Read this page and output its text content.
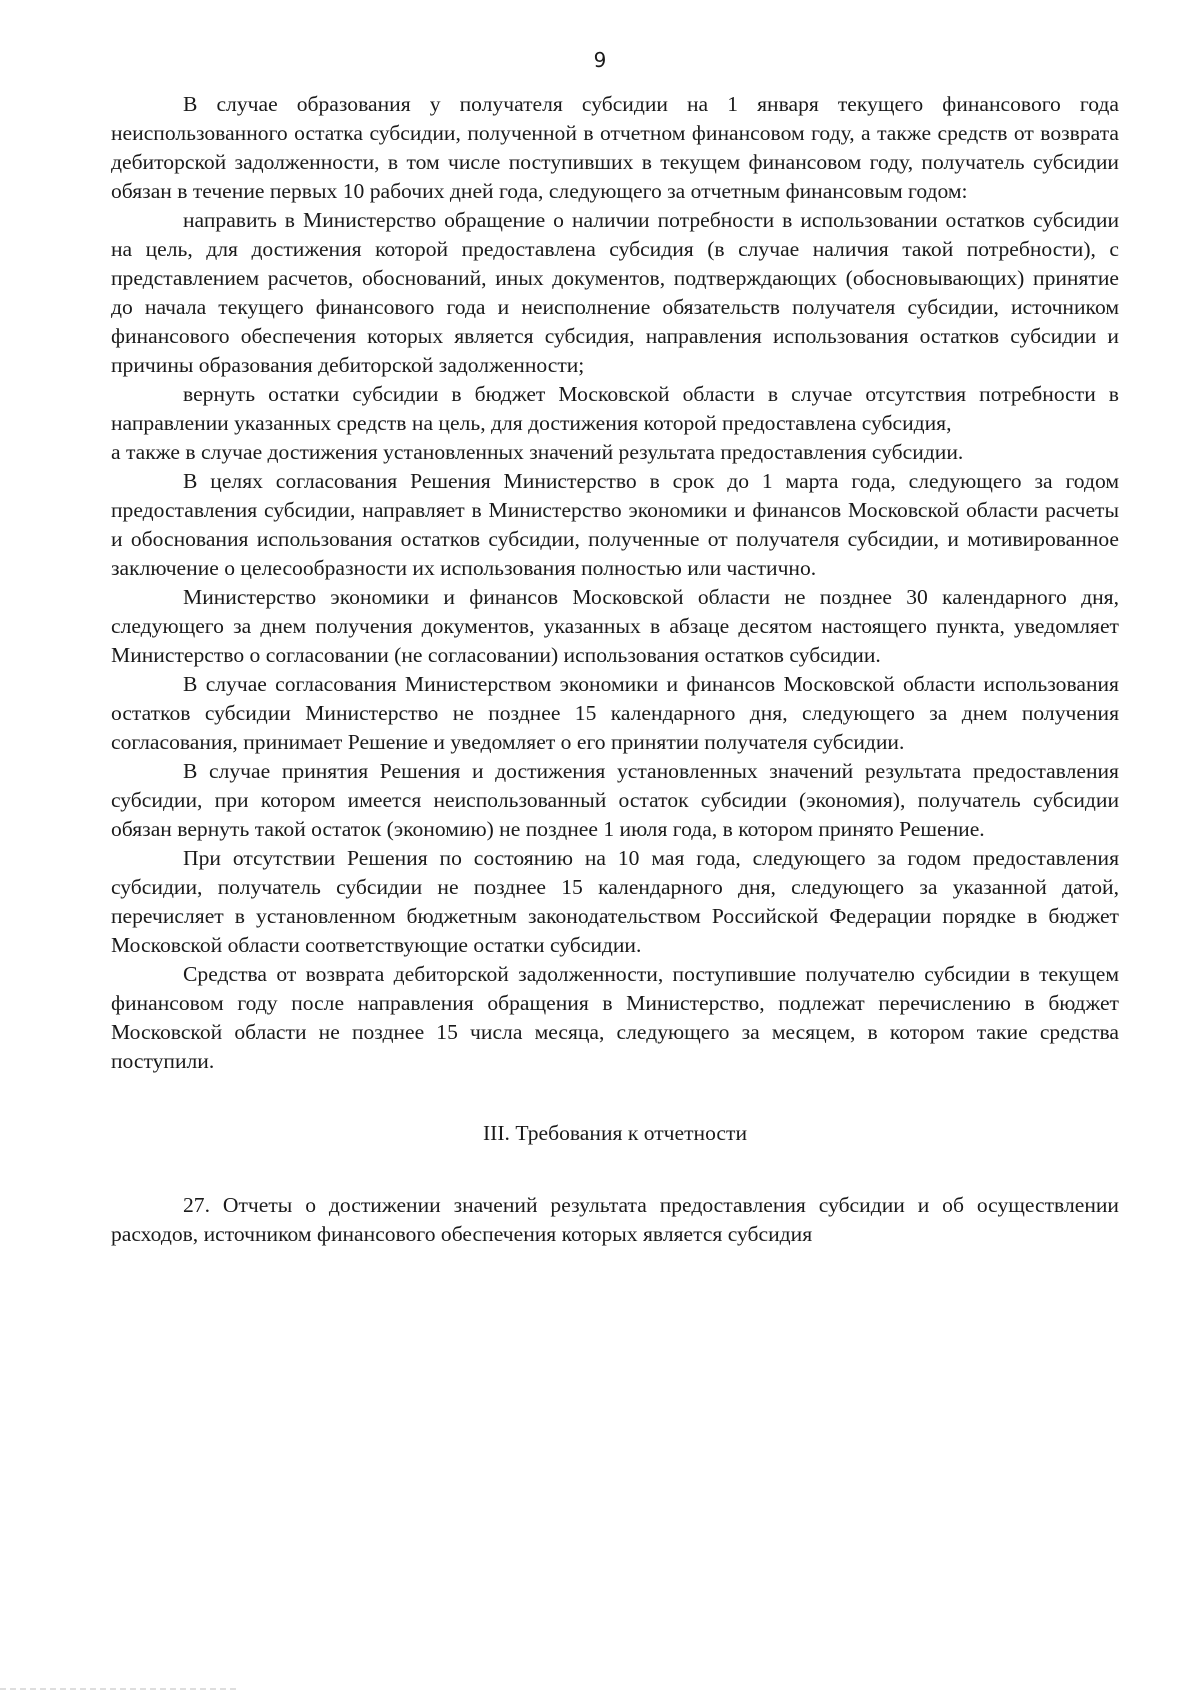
9

В случае образования у получателя субсидии на 1 января текущего финансового года неиспользованного остатка субсидии, полученной в отчетном финансовом году, а также средств от возврата дебиторской задолженности, в том числе поступивших в текущем финансовом году, получатель субсидии обязан в течение первых 10 рабочих дней года, следующего за отчетным финансовым годом:

направить в Министерство обращение о наличии потребности в использовании остатков субсидии на цель, для достижения которой предоставлена субсидия (в случае наличия такой потребности), с представлением расчетов, обоснований, иных документов, подтверждающих (обосновывающих) принятие до начала текущего финансового года и неисполнение обязательств получателя субсидии, источником финансового обеспечения которых является субсидия, направления использования остатков субсидии и причины образования дебиторской задолженности;

вернуть остатки субсидии в бюджет Московской области в случае отсутствия потребности в направлении указанных средств на цель, для достижения которой предоставлена субсидия,

а также в случае достижения установленных значений результата предоставления субсидии.

В целях согласования Решения Министерство в срок до 1 марта года, следующего за годом предоставления субсидии, направляет в Министерство экономики и финансов Московской области расчеты и обоснования использования остатков субсидии, полученные от получателя субсидии, и мотивированное заключение о целесообразности их использования полностью или частично.

Министерство экономики и финансов Московской области не позднее 30 календарного дня, следующего за днем получения документов, указанных в абзаце десятом настоящего пункта, уведомляет Министерство о согласовании (не согласовании) использования остатков субсидии.

В случае согласования Министерством экономики и финансов Московской области использования остатков субсидии Министерство не позднее 15 календарного дня, следующего за днем получения согласования, принимает Решение и уведомляет о его принятии получателя субсидии.

В случае принятия Решения и достижения установленных значений результата предоставления субсидии, при котором имеется неиспользованный остаток субсидии (экономия), получатель субсидии обязан вернуть такой остаток (экономию) не позднее 1 июля года, в котором принято Решение.

При отсутствии Решения по состоянию на 10 мая года, следующего за годом предоставления субсидии, получатель субсидии не позднее 15 календарного дня, следующего за указанной датой, перечисляет в установленном бюджетным законодательством Российской Федерации порядке в бюджет Московской области соответствующие остатки субсидии.

Средства от возврата дебиторской задолженности, поступившие получателю субсидии в текущем финансовом году после направления обращения в Министерство, подлежат перечислению в бюджет Московской области не позднее 15 числа месяца, следующего за месяцем, в котором такие средства поступили.

III. Требования к отчетности

27. Отчеты о достижении значений результата предоставления субсидии и об осуществлении расходов, источником финансового обеспечения которых является субсидия
